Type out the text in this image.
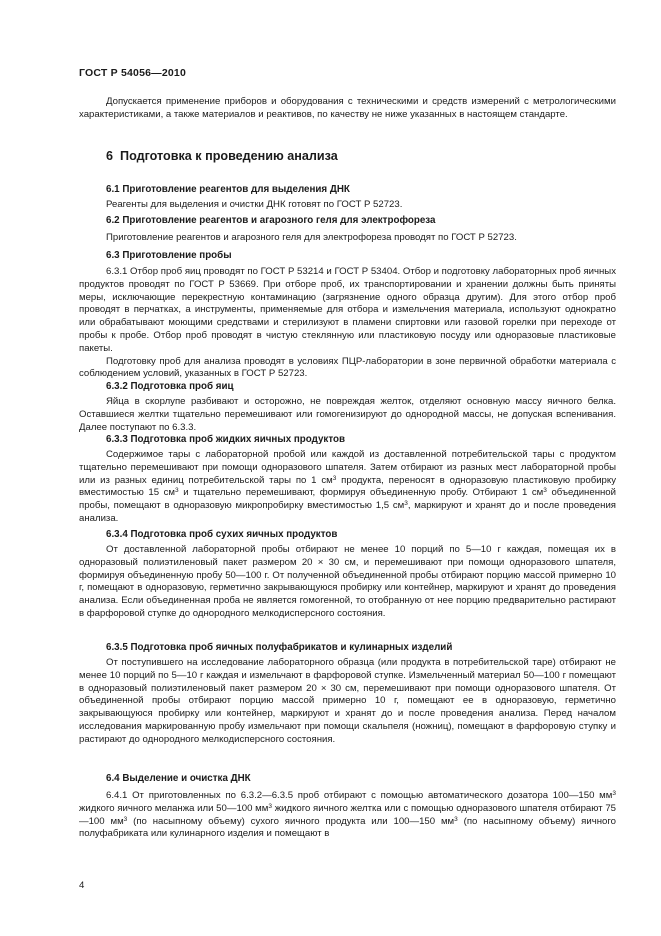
ГОСТ Р 54056—2010

Допускается применение приборов и оборудования с техническими и средств измерений с метрологическими характеристиками, а также материалов и реактивов, по качеству не ниже указанных в настоящем стандарте.

6 Подготовка к проведению анализа
6.1 Приготовление реагентов для выделения ДНК

Реагенты для выделения и очистки ДНК готовят по ГОСТ Р 52723.

6.2 Приготовление реагентов и агарозного геля для электрофореза

Приготовление реагентов и агарозного геля для электрофореза проводят по ГОСТ Р 52723.

6.3 Приготовление пробы

6.3.1 Отбор проб яиц проводят по ГОСТ Р 53214 и ГОСТ Р 53404. Отбор и подготовку лабораторных проб яичных продуктов проводят по ГОСТ Р 53669. При отборе проб, их транспортировании и хранении должны быть приняты меры, исключающие перекрестную контаминацию (загрязнение одного образца другим). Для этого отбор проб проводят в перчатках, а инструменты, применяемые для отбора и измельчения материала, используют однократно или обрабатывают моющими средствами и стерилизуют в пламени спиртовки или газовой горелки при переходе от пробы к пробе. Отбор проб проводят в чистую стеклянную или пластиковую посуду или одноразовые пластиковые пакеты.

Подготовку проб для анализа проводят в условиях ПЦР-лаборатории в зоне первичной обработки материала с соблюдением условий, указанных в ГОСТ Р 52723.

6.3.2 Подготовка проб яиц

Яйца в скорлупе разбивают и осторожно, не повреждая желток, отделяют основную массу яичного белка. Оставшиеся желтки тщательно перемешивают или гомогенизируют до однородной массы, не допуская вспенивания. Далее поступают по 6.3.3.

6.3.3 Подготовка проб жидких яичных продуктов

Содержимое тары с лабораторной пробой или каждой из доставленной потребительской тары с продуктом тщательно перемешивают при помощи одноразового шпателя. Затем отбирают из разных мест лабораторной пробы или из разных единиц потребительской тары по 1 $см^3$ продукта, переносят в одноразовую пластиковую пробирку вместимостью 15 $см^3$ и тщательно перемешивают, формируя объединенную пробу. Отбирают 1 $см^3$ объединенной пробы, помещают в одноразовую микропробирку вместимостью 1,5 $см^3$, маркируют и хранят до и после проведения анализа.

6.3.4 Подготовка проб сухих яичных продуктов

От доставленной лабораторной пробы отбирают не менее 10 порций по 5—10 г каждая, помещая их в одноразовый полиэтиленовый пакет размером 20 × 30 см, и перемешивают при помощи одноразового шпателя, формируя объединенную пробу 50—100 г. От полученной объединенной пробы отбирают порцию массой примерно 10 г, помещают в одноразовую, герметично закрывающуюся пробирку или контейнер, маркируют и хранят до проведения анализа. Если объединенная проба не является гомогенной, то отобранную от нее порцию предварительно растирают в фарфоровой ступке до однородного мелкодисперсного состояния.

6.3.5 Подготовка проб яичных полуфабрикатов и кулинарных изделий

От поступившего на исследование лабораторного образца (или продукта в потребительской таре) отбирают не менее 10 порций по 5—10 г каждая и измельчают в фарфоровой ступке. Измельченный материал 50—100 г помещают в одноразовый полиэтиленовый пакет размером 20 × 30 см, перемешивают при помощи одноразового шпателя. От объединенной пробы отбирают порцию массой примерно 10 г, помещают ее в одноразовую, герметично закрывающуюся пробирку или контейнер, маркируют и хранят до и после проведения анализа. Перед началом исследования маркированную пробу измельчают при помощи скальпеля (ножниц), помещают в фарфоровую ступку и растирают до однородного мелкодисперсного состояния.

6.4 Выделение и очистка ДНК

6.4.1 От приготовленных по 6.3.2—6.3.5 проб отбирают с помощью автоматического дозатора 100—150 $мм^3$ жидкого яичного меланжа или 50—100 $мм^3$ жидкого яичного желтка или с помощью одноразового шпателя отбирают 75—100 $мм^3$ (по насыпному объему) сухого яичного продукта или 100—150 $мм^3$ (по насыпному объему) яичного полуфабриката или кулинарного изделия и помещают в

4
